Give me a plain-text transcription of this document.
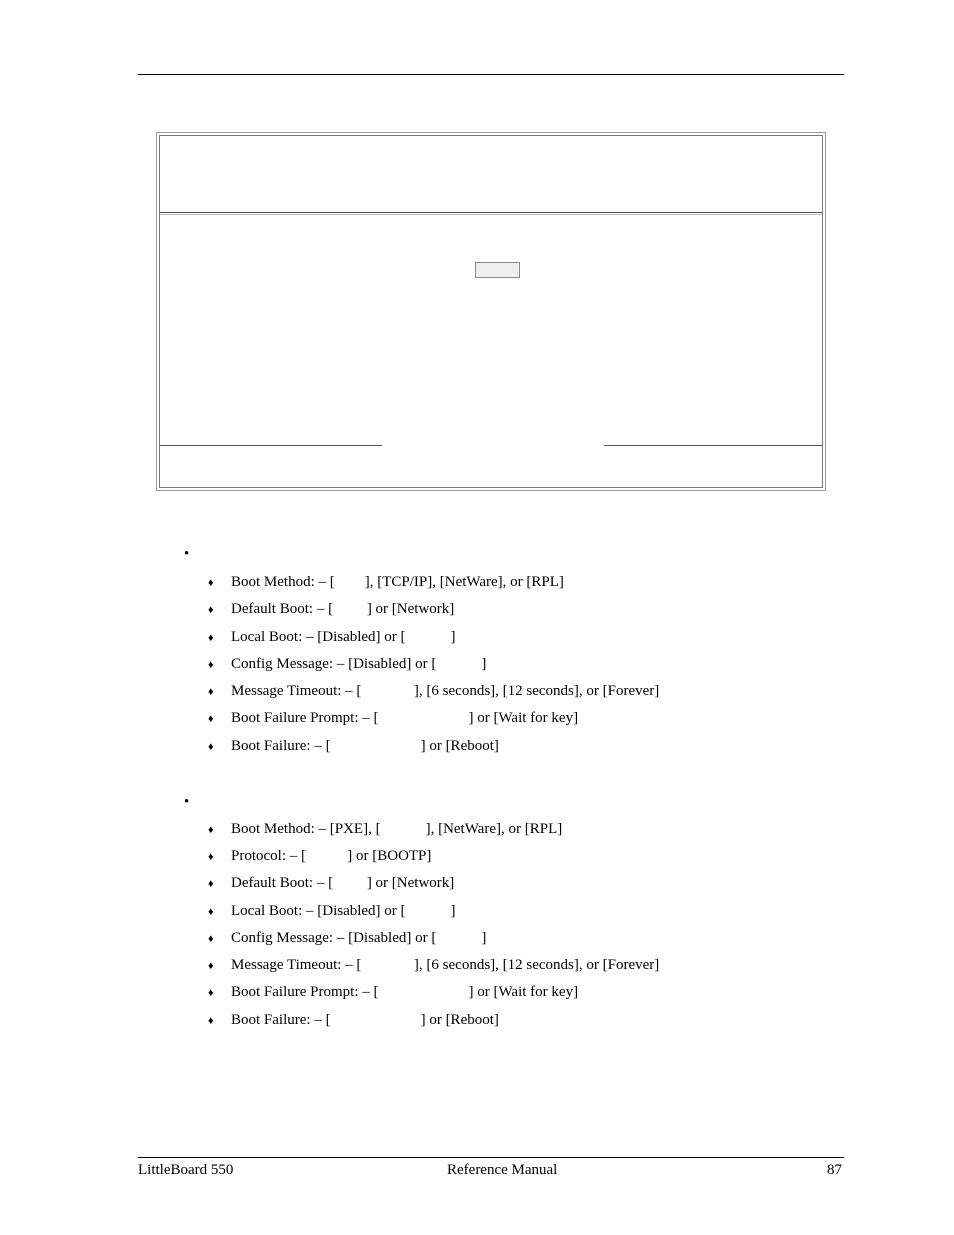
•
♦ Boot Method: – [        ], [TCP/IP], [NetWare], or [RPL]
♦ Default Boot: – [         ] or [Network]
♦ Local Boot: – [Disabled] or [            ]
♦ Config Message: – [Disabled] or [            ]
♦ Message Timeout: – [              ], [6 seconds], [12 seconds], or [Forever]
♦ Boot Failure Prompt: – [                        ] or [Wait for key]
♦ Boot Failure: – [                        ] or [Reboot]
•
♦ Boot Method: – [PXE], [            ], [NetWare], or [RPL]
♦ Protocol: – [           ] or [BOOTP]
♦ Default Boot: – [         ] or [Network]
♦ Local Boot: – [Disabled] or [            ]
♦ Config Message: – [Disabled] or [            ]
♦ Message Timeout: – [              ], [6 seconds], [12 seconds], or [Forever]
♦ Boot Failure Prompt: – [                        ] or [Wait for key]
♦ Boot Failure: – [                        ] or [Reboot]
LittleBoard 550	Reference Manual	87
